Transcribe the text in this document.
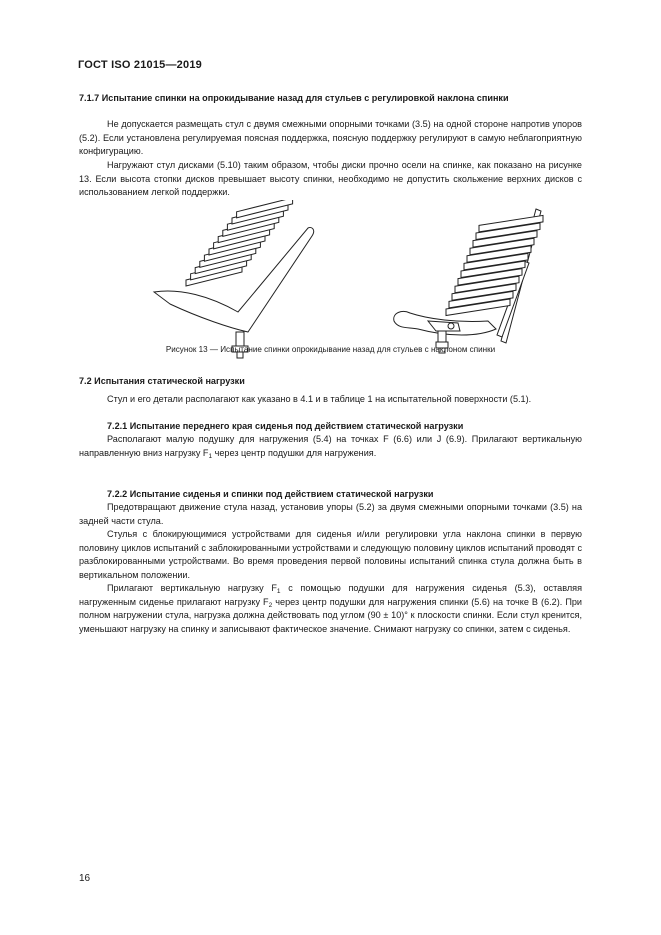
ГОСТ ISO 21015—2019
7.1.7 Испытание спинки на опрокидывание назад для стульев с регулировкой наклона спинки
Не допускается размещать стул с двумя смежными опорными точками (3.5) на одной стороне напротив упоров (5.2). Если установлена регулируемая поясная поддержка, поясную поддержку регулируют в самую неблагоприятную конфигурацию.
Нагружают стул дисками (5.10) таким образом, чтобы диски прочно осели на спинке, как показано на рисунке 13. Если высота стопки дисков превышает высоту спинки, необходимо не допустить скольжение верхних дисков с использованием легкой поддержки.
Рисунок 13 — Испытание спинки опрокидывание назад для стульев с наклоном спинки
7.2 Испытания статической нагрузки
Стул и его детали располагают как указано в 4.1 и в таблице 1 на испытательной поверхности (5.1).
7.2.1 Испытание переднего края сиденья под действием статической нагрузки
Располагают малую подушку для нагружения (5.4) на точках F (6.6) или J (6.9). Прилагают вертикальную направленную вниз нагрузку $F_1$ через центр подушки для нагружения.
7.2.2 Испытание сиденья и спинки под действием статической нагрузки
Предотвращают движение стула назад, установив упоры (5.2) за двумя смежными опорными точками (3.5) на задней части стула.
Стулья с блокирующимися устройствами для сиденья и/или регулировки угла наклона спинки в первую половину циклов испытаний с заблокированными устройствами и следующую половину циклов испытаний проводят с разблокированными устройствами. Во время проведения первой половины испытаний спинка стула должна быть в вертикальном положении.
Прилагают вертикальную нагрузку $F_1$ с помощью подушки для нагружения сиденья (5.3), оставляя нагруженным сиденье прилагают нагрузку $F_2$ через центр подушки для нагружения спинки (5.6) на точке B (6.2). При полном нагружении стула, нагрузка должна действовать под углом (90 ± 10)° к плоскости спинки. Если стул кренится, уменьшают нагрузку на спинку и записывают фактическое значение. Снимают нагрузку со спинки, затем с сиденья.
16
